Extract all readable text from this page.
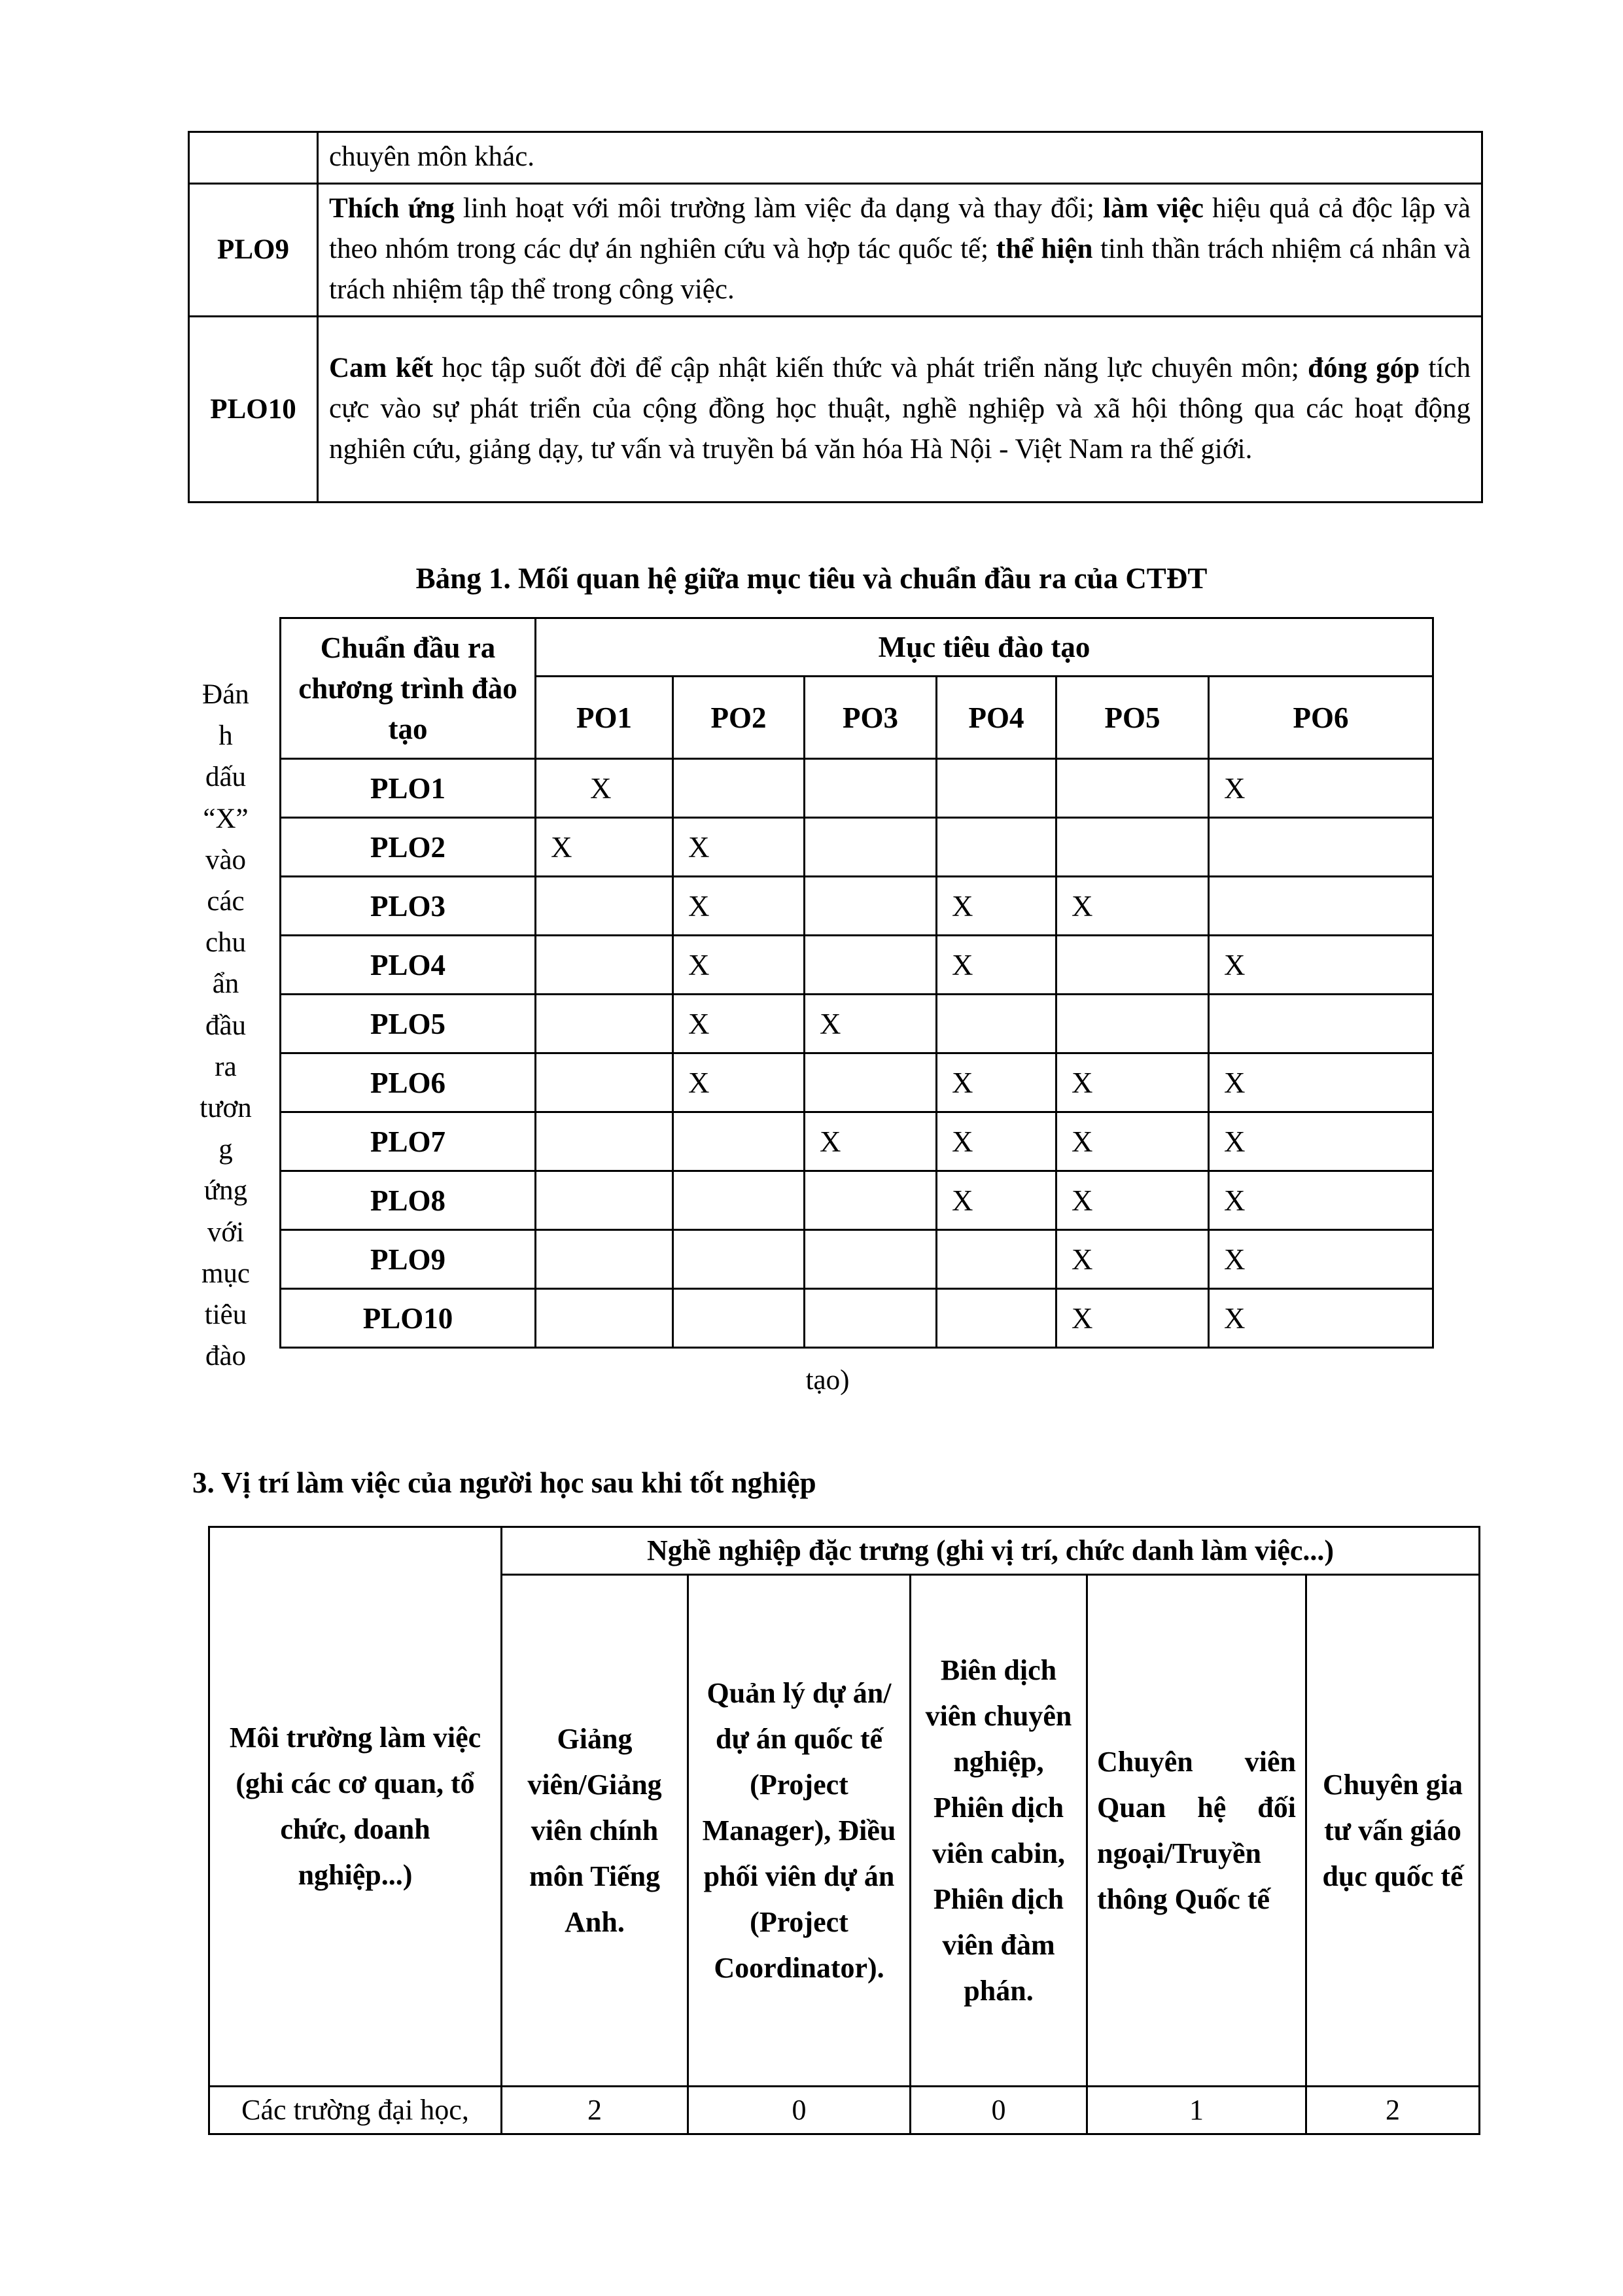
	chuyên môn khác.
PLO9	Thích ứng linh hoạt với môi trường làm việc đa dạng và thay đổi; làm việc hiệu quả cả độc lập và theo nhóm trong các dự án nghiên cứu và hợp tác quốc tế; thể hiện tinh thần trách nhiệm cá nhân và trách nhiệm tập thể trong công việc.
PLO10	Cam kết học tập suốt đời để cập nhật kiến thức và phát triển năng lực chuyên môn; đóng góp tích cực vào sự phát triển của cộng đồng học thuật, nghề nghiệp và xã hội thông qua các hoạt động nghiên cứu, giảng dạy, tư vấn và truyền bá văn hóa Hà Nội - Việt Nam ra thế giới.
Bảng 1. Mối quan hệ giữa mục tiêu và chuẩn đầu ra của CTĐT
Đán
h
dấu
“X”
vào
các
chu
ẩn
đầu
ra
tươn
g
ứng
với
mục
tiêu
đào
tạo)
Chuẩn đầu ra chương trình đào tạo	Mục tiêu đào tạo					
	PO1	PO2	PO3	PO4	PO5	PO6
PLO1	X					X
PLO2	X	X				
PLO3		X		X	X	
PLO4		X		X		X
PLO5		X	X			
PLO6		X		X	X	X
PLO7			X	X	X	X
PLO8				X	X	X
PLO9					X	X
PLO10					X	X
3. Vị trí làm việc của người học sau khi tốt nghiệp
Môi trường làm việc (ghi các cơ quan, tổ chức, doanh nghiệp...)	Nghề nghiệp đặc trưng (ghi vị trí, chức danh làm việc...)				
	Giảng viên/Giảng viên chính môn Tiếng Anh.	Quản lý dự án/ dự án quốc tế (Project Manager), Điều phối viên dự án (Project Coordinator).	Biên dịch viên chuyên nghiệp, Phiên dịch viên cabin, Phiên dịch viên đàm phán.	Chuyên viên Quan hệ đối ngoại/Truyền thông Quốc tế	Chuyên gia tư vấn giáo dục quốc tế
Các trường đại học,	2	0	0	1	2
